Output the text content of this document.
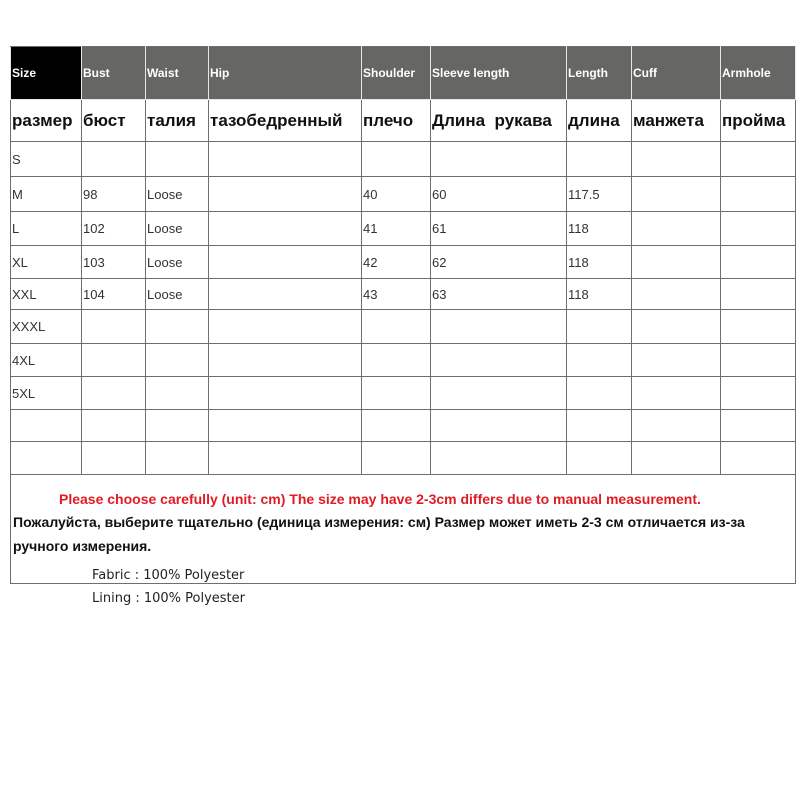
Size	Bust	Waist	Hip	Shoulder	Sleeve length	Length	Cuff	Armhole
размер	бюст	талия	тазобедренный	плечо	Длина  рукава	длина	манжета	пройма
S								
M	98	Loose		40	60	117.5		
L	102	Loose		41	61	118		
XL	103	Loose		42	62	118		
XXL	104	Loose		43	63	118		
XXXL								
4XL								
5XL								

Please choose carefully (unit: cm) The size may have 2-3cm differs due to manual measurement.
Пожалуйста, выберите тщательно (единица измерения: см) Размер может иметь 2-3 см отличается из-за ручного измерения.								
Fabric : 100% Polyester
Lining : 100% Polyester
